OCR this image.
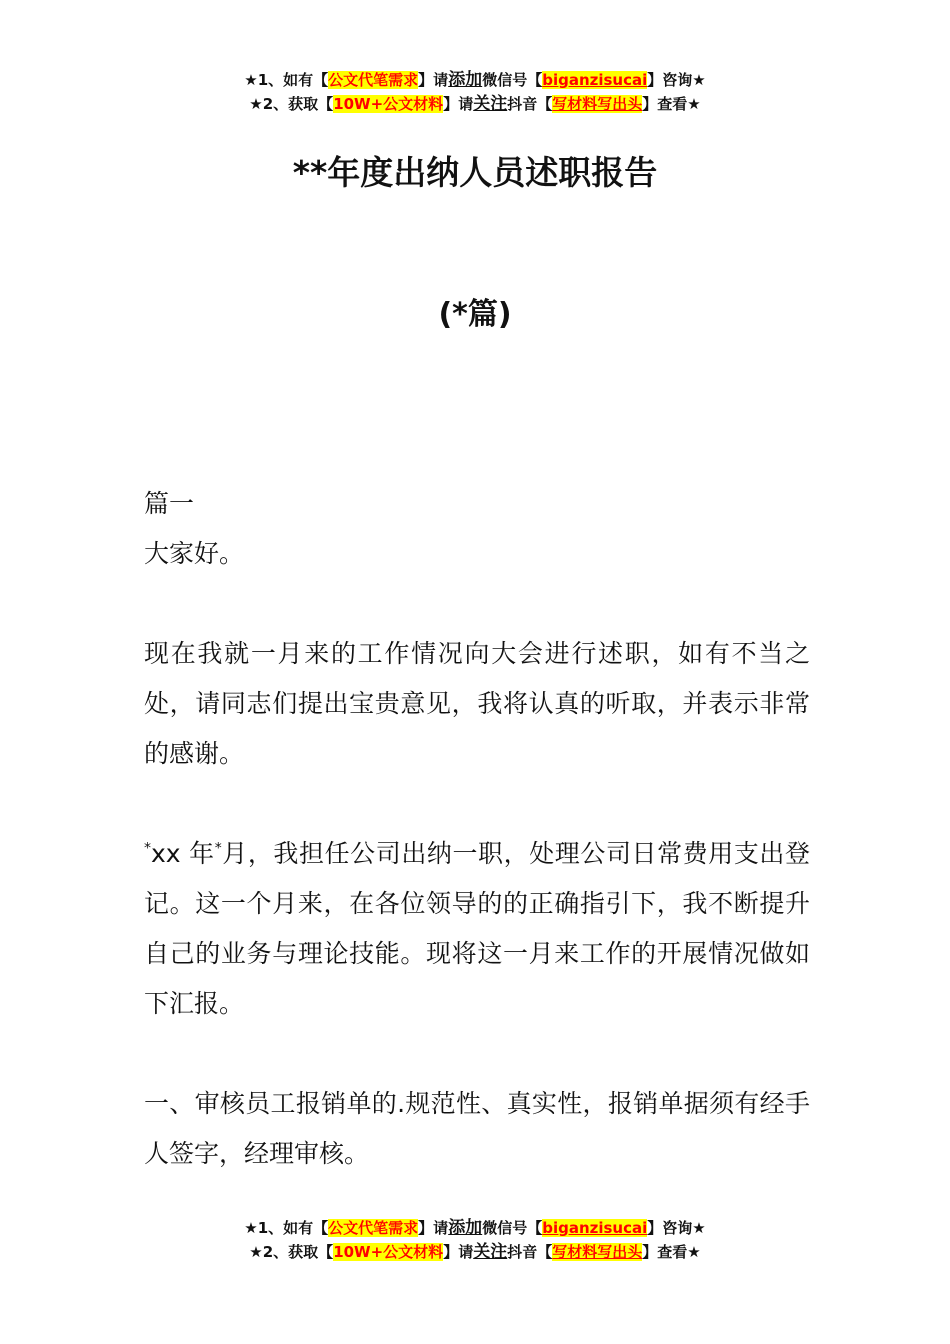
★1、如有【公文代笔需求】请添加微信号【biganzisucai】咨询★
★2、获取【10W+公文材料】请关注抖音【写材料写出头】查看★
**年度出纳人员述职报告
(*篇)

篇一

大家好。

现在我就一月来的工作情况向大会进行述职，如有不当之处，请同志们提出宝贵意见，我将认真的听取，并表示非常的感谢。

*xx 年*月，我担任公司出纳一职，处理公司日常费用支出登记。这一个月来，在各位领导的的正确指引下，我不断提升自己的业务与理论技能。现将这一月来工作的开展情况做如下汇报。

一、审核员工报销单的.规范性、真实性，报销单据须有经手人签字，经理审核。

★1、如有【公文代笔需求】请添加微信号【biganzisucai】咨询★
★2、获取【10W+公文材料】请关注抖音【写材料写出头】查看★
